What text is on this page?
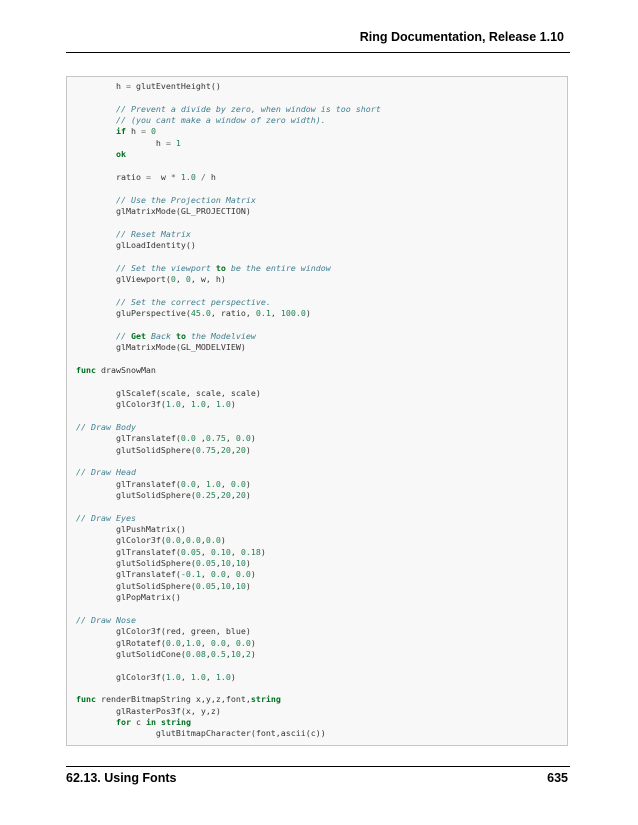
Ring Documentation, Release 1.10
h = glutEventHeight()
// Prevent a divide by zero, when window is too short
// (you cant make a window of zero width).
if h = 0
h = 1
ok
ratio =  w * 1.0 / h
// Use the Projection Matrix
glMatrixMode(GL_PROJECTION)
// Reset Matrix
glLoadIdentity()
// Set the viewport to be the entire window
glViewport(0, 0, w, h)
// Set the correct perspective.
gluPerspective(45.0, ratio, 0.1, 100.0)
// Get Back to the Modelview
glMatrixMode(GL_MODELVIEW)
func drawSnowMan
glScalef(scale, scale, scale)
glColor3f(1.0, 1.0, 1.0)
// Draw Body
glTranslatef(0.0 ,0.75, 0.0)
glutSolidSphere(0.75,20,20)
// Draw Head
glTranslatef(0.0, 1.0, 0.0)
glutSolidSphere(0.25,20,20)
// Draw Eyes
glPushMatrix()
glColor3f(0.0,0.0,0.0)
glTranslatef(0.05, 0.10, 0.18)
glutSolidSphere(0.05,10,10)
glTranslatef(-0.1, 0.0, 0.0)
glutSolidSphere(0.05,10,10)
glPopMatrix()
// Draw Nose
glColor3f(red, green, blue)
glRotatef(0.0,1.0, 0.0, 0.0)
glutSolidCone(0.08,0.5,10,2)
glColor3f(1.0, 1.0, 1.0)
func renderBitmapString x,y,z,font,string
glRasterPos3f(x, y,z)
for c in string
glutBitmapCharacter(font,ascii(c))
62.13. Using Fonts	635
